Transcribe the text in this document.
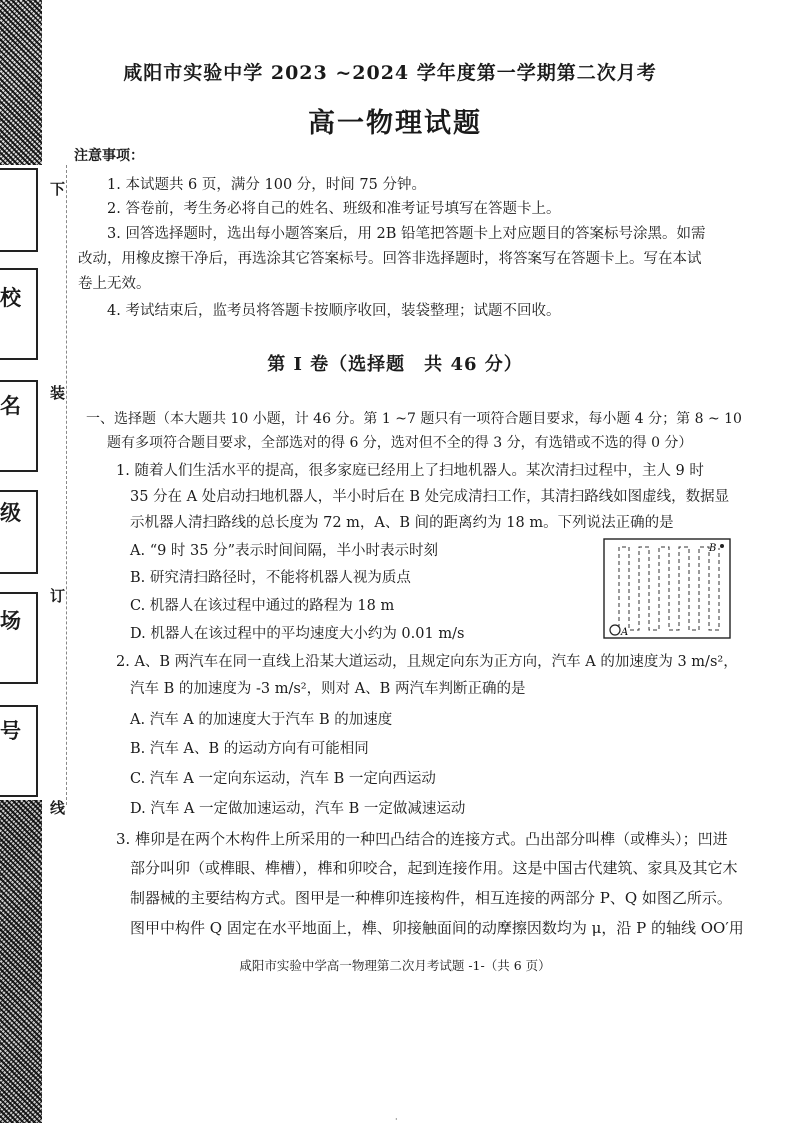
校
名
级
场
号
下
装
订
线
咸阳市实验中学 2023 ~2024 学年度第一学期第二次月考
高一物理试题
注意事项：
1. 本试题共 6 页，满分 100 分，时间 75 分钟。
2. 答卷前，考生务必将自己的姓名、班级和准考证号填写在答题卡上。
3. 回答选择题时，选出每小题答案后，用 2B 铅笔把答题卡上对应题目的答案标号涂黑。如需
改动，用橡皮擦干净后，再选涂其它答案标号。回答非选择题时，将答案写在答题卡上。写在本试
卷上无效。
4. 考试结束后，监考员将答题卡按顺序收回，装袋整理；试题不回收。
第 I 卷（选择题　共 46 分）
一、选择题（本大题共 10 小题，计 46 分。第 1 ~7 题只有一项符合题目要求，每小题 4 分；第 8 ~ 10
题有多项符合题目要求，全部选对的得 6 分，选对但不全的得 3 分，有选错或不选的得 0 分）
1. 随着人们生活水平的提高，很多家庭已经用上了扫地机器人。某次清扫过程中，主人 9 时
35 分在 A 处启动扫地机器人，半小时后在 B 处完成清扫工作，其清扫路线如图虚线，数据显
示机器人清扫路线的总长度为 72 m，A、B 间的距离约为 18 m。下列说法正确的是
A. “9 时 35 分”表示时间间隔，半小时表示时刻
B. 研究清扫路径时，不能将机器人视为质点
C. 机器人在该过程中通过的路程为 18 m
D. 机器人在该过程中的平均速度大小约为 0.01 m/s	A
B
2. A、B 两汽车在同一直线上沿某大道运动，且规定向东为正方向，汽车 A 的加速度为 3 m/s²，
汽车 B 的加速度为 -3 m/s²，则对 A、B 两汽车判断正确的是
A. 汽车 A 的加速度大于汽车 B 的加速度
B. 汽车 A、B 的运动方向有可能相同
C. 汽车 A 一定向东运动，汽车 B 一定向西运动
D. 汽车 A 一定做加速运动，汽车 B 一定做减速运动
3. 榫卯是在两个木构件上所采用的一种凹凸结合的连接方式。凸出部分叫榫（或榫头）；凹进
部分叫卯（或榫眼、榫槽），榫和卯咬合，起到连接作用。这是中国古代建筑、家具及其它木
制器械的主要结构方式。图甲是一种榫卯连接构件，相互连接的两部分 P、Q 如图乙所示。
图甲中构件 Q 固定在水平地面上，榫、卯接触面间的动摩擦因数均为 μ，沿 P 的轴线 OO′用
咸阳市实验中学高一物理第二次月考试题 -1-（共 6 页）
·
